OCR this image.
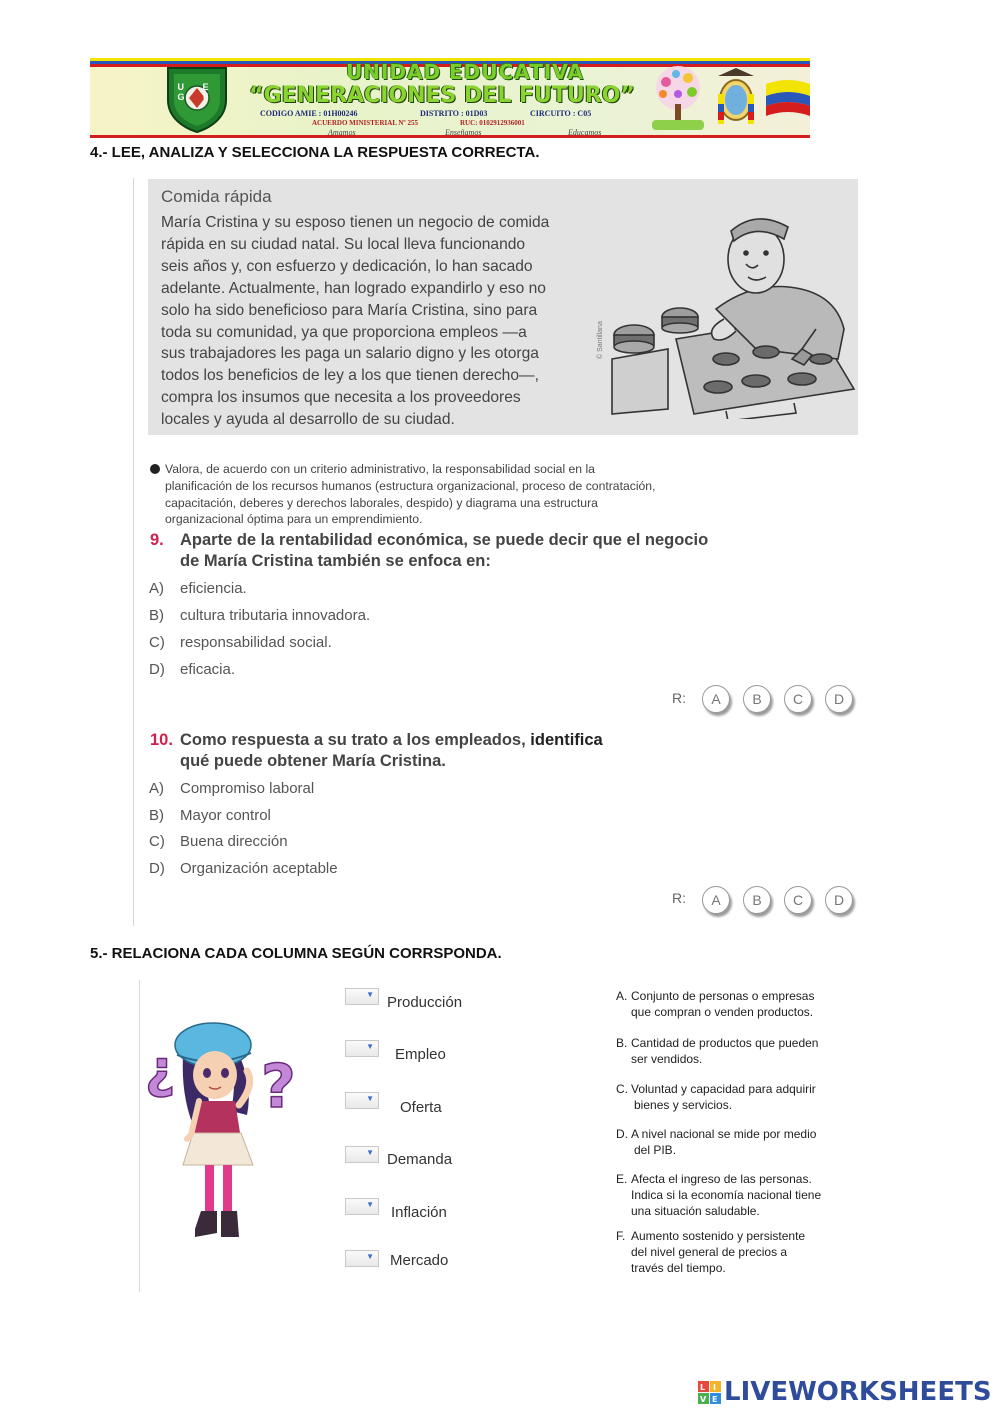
U E G F
UNIDAD EDUCATIVA
“GENERACIONES DEL FUTURO”
CODIGO AMIE : 01H00246	DISTRITO : 01D03	CIRCUITO : C05
ACUERDO MINISTERIAL Nº 255	RUC: 0102912936001
Amamos	Enseñamos	Educamos
4.- LEE, ANALIZA Y SELECCIONA LA RESPUESTA CORRECTA.
Comida rápida
María Cristina y su esposo tienen un negocio de comida
rápida en su ciudad natal. Su local lleva funcionando
seis años y, con esfuerzo y dedicación, lo han sacado
adelante. Actualmente, han logrado expandirlo y eso no
solo ha sido beneficioso para María Cristina, sino para
toda su comunidad, ya que proporciona empleos —a
sus trabajadores les paga un salario digno y les otorga
todos los beneficios de ley a los que tienen derecho—,
compra los insumos que necesita a los proveedores
locales y ayuda al desarrollo de su ciudad.
© Santillana
Valora, de acuerdo con un criterio administrativo, la responsabilidad social en la
planificación de los recursos humanos (estructura organizacional, proceso de contratación,
capacitación, deberes y derechos laborales, despido) y diagrama una estructura
organizacional óptima para un emprendimiento.
9. Aparte de la rentabilidad económica, se puede decir que el negocio
de María Cristina también se enfoca en:
A) eficiencia.
B) cultura tributaria innovadora.
C) responsabilidad social.
D) eficacia.
R:	A	B	C	D
10. Como respuesta a su trato a los empleados, identifica
qué puede obtener María Cristina.
A) Compromiso laboral
B) Mayor control
C) Buena dirección
D) Organización aceptable
R:	A	B	C	D
5.- RELACIONA CADA COLUMNA SEGÚN CORRSPONDA.
¿ ?
▼ Producción
▼ Empleo
▼
Oferta
▼ Demanda
▼ Inflación
▼ Mercado
A. Conjunto de personas o empresas
que compran o venden productos.
B. Cantidad de productos que pueden
ser vendidos.
C. Voluntad y capacidad para adquirir
bienes y servicios.
D. A nivel nacional se mide por medio
del PIB.
E. Afecta el ingreso de las personas.
Indica si la economía nacional tiene
una situación saludable.
F. Aumento sostenido y persistente
del nivel general de precios a
través del tiempo.
L I
V E LIVEWORKSHEETS
